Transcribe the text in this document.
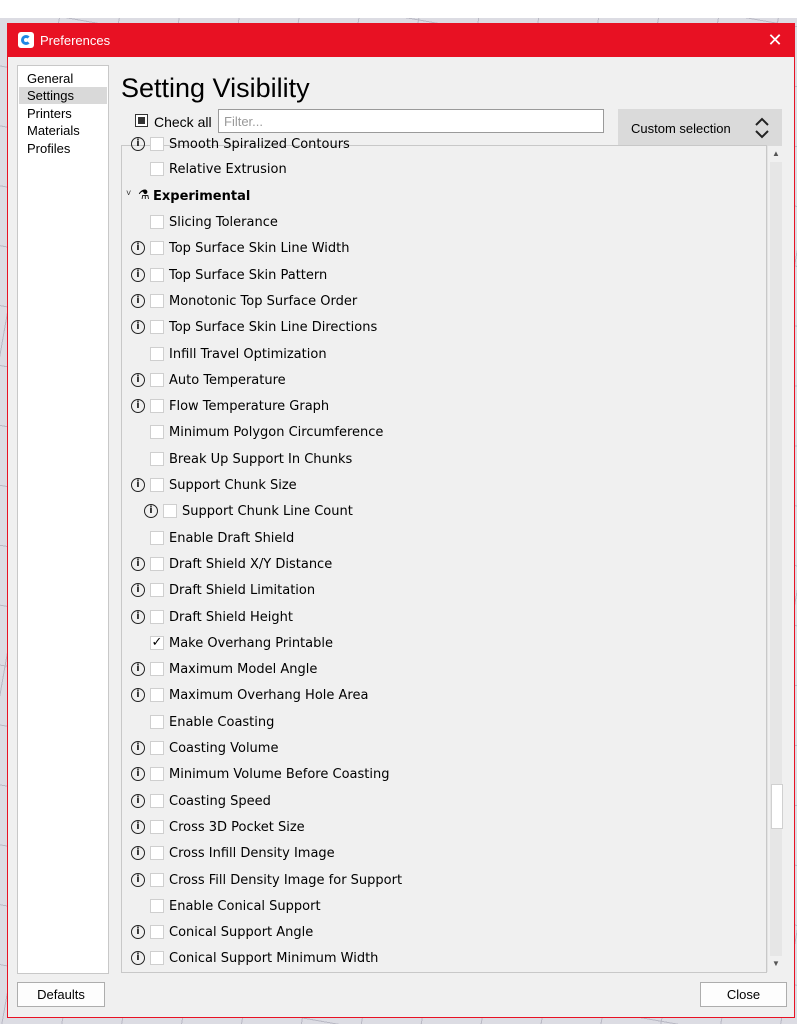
Preferences	✕
General
Settings
Printers
Materials
Profiles
Setting Visibility
Check all
Filter...	Custom selection
i	Smooth Spiralized Contours
Relative Extrusion
˅ ⚗ Experimental
Slicing Tolerance
i	Top Surface Skin Line Width
i	Top Surface Skin Pattern
i	Monotonic Top Surface Order
i	Top Surface Skin Line Directions
Infill Travel Optimization
i	Auto Temperature
i	Flow Temperature Graph
Minimum Polygon Circumference
Break Up Support In Chunks
i	Support Chunk Size
i	Support Chunk Line Count
Enable Draft Shield
i	Draft Shield X/Y Distance
i	Draft Shield Limitation
i	Draft Shield Height
✓ Make Overhang Printable
i	Maximum Model Angle
i	Maximum Overhang Hole Area
Enable Coasting
i	Coasting Volume
i	Minimum Volume Before Coasting
i	Coasting Speed
i	Cross 3D Pocket Size
i	Cross Infill Density Image
i	Cross Fill Density Image for Support
Enable Conical Support
i	Conical Support Angle
i	Conical Support Minimum Width
▲
▼
Defaults	Close
